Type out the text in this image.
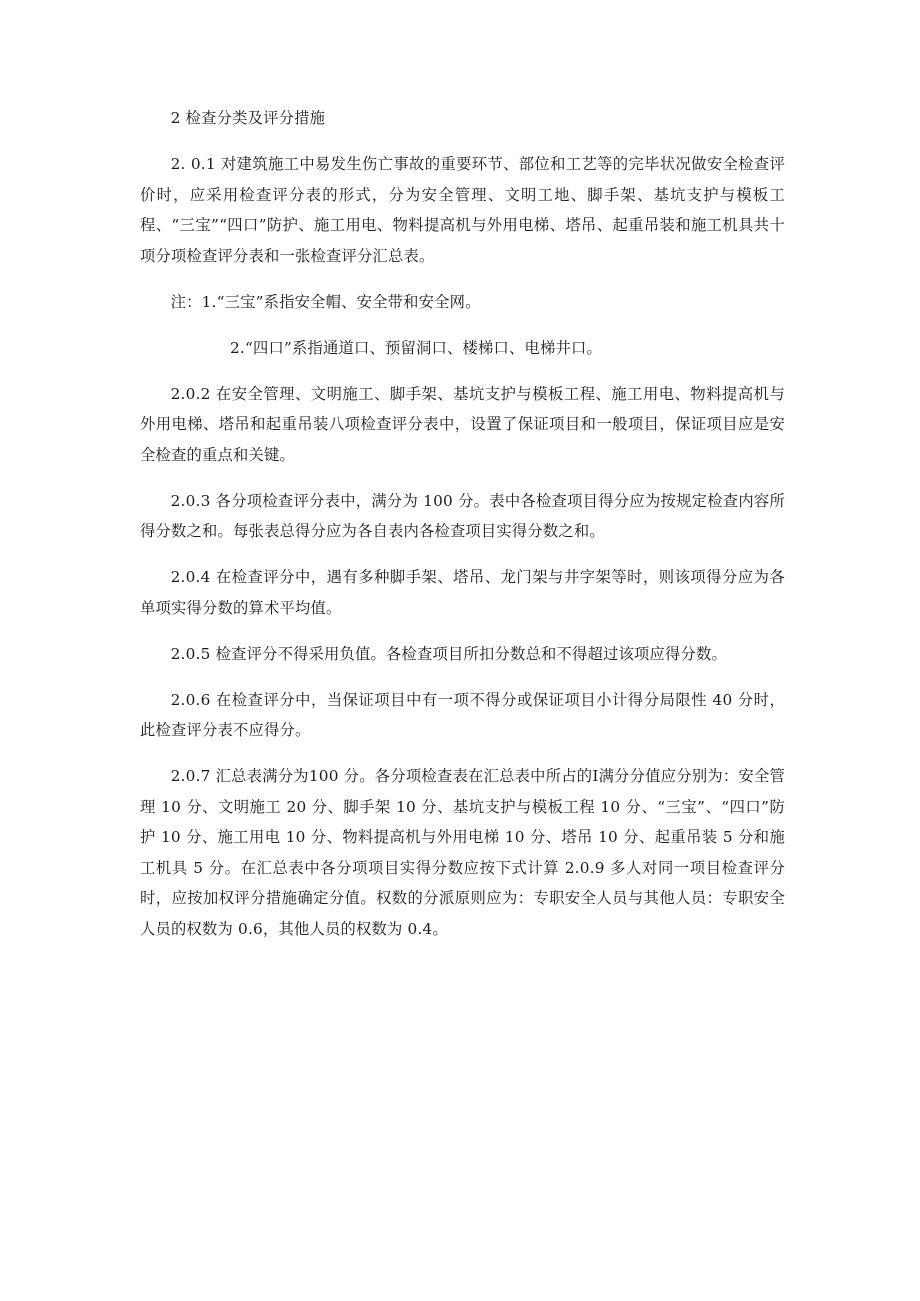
2 检查分类及评分措施

2. 0.1 对建筑施工中易发生伤亡事故的重要环节、部位和工艺等的完毕状况做安全检查评价时，应采用检查评分表的形式，分为安全管理、文明工地、脚手架、基坑支护与模板工程、“三宝”“四口”防护、施工用电、物料提高机与外用电梯、塔吊、起重吊装和施工机具共十项分项检查评分表和一张检查评分汇总表。

注：1.“三宝”系指安全帽、安全带和安全网。

2.“四口”系指通道口、预留洞口、楼梯口、电梯井口。

2.0.2 在安全管理、文明施工、脚手架、基坑支护与模板工程、施工用电、物料提高机与外用电梯、塔吊和起重吊装八项检查评分表中，设置了保证项目和一般项目，保证项目应是安全检查的重点和关键。

2.0.3 各分项检查评分表中，满分为 100 分。表中各检查项目得分应为按规定检查内容所得分数之和。每张表总得分应为各自表内各检查项目实得分数之和。

2.0.4 在检查评分中，遇有多种脚手架、塔吊、龙门架与井字架等时，则该项得分应为各单项实得分数的算术平均值。

2.0.5 检查评分不得采用负值。各检查项目所扣分数总和不得超过该项应得分数。

2.0.6 在检查评分中，当保证项目中有一项不得分或保证项目小计得分局限性 40 分时，此检查评分表不应得分。

2.0.7 汇总表满分为100 分。各分项检查表在汇总表中所占的Ⅰ满分分值应分别为：安全管理 10 分、文明施工 20 分、脚手架 10 分、基坑支护与模板工程 10 分、“三宝”、“四口”防护 10 分、施工用电 10 分、物料提高机与外用电梯 10 分、塔吊 10 分、起重吊装 5 分和施工机具 5 分。在汇总表中各分项项目实得分数应按下式计算 2.0.9 多人对同一项目检查评分时，应按加权评分措施确定分值。权数的分派原则应为：专职安全人员与其他人员：专职安全人员的权数为 0.6，其他人员的权数为 0.4。
